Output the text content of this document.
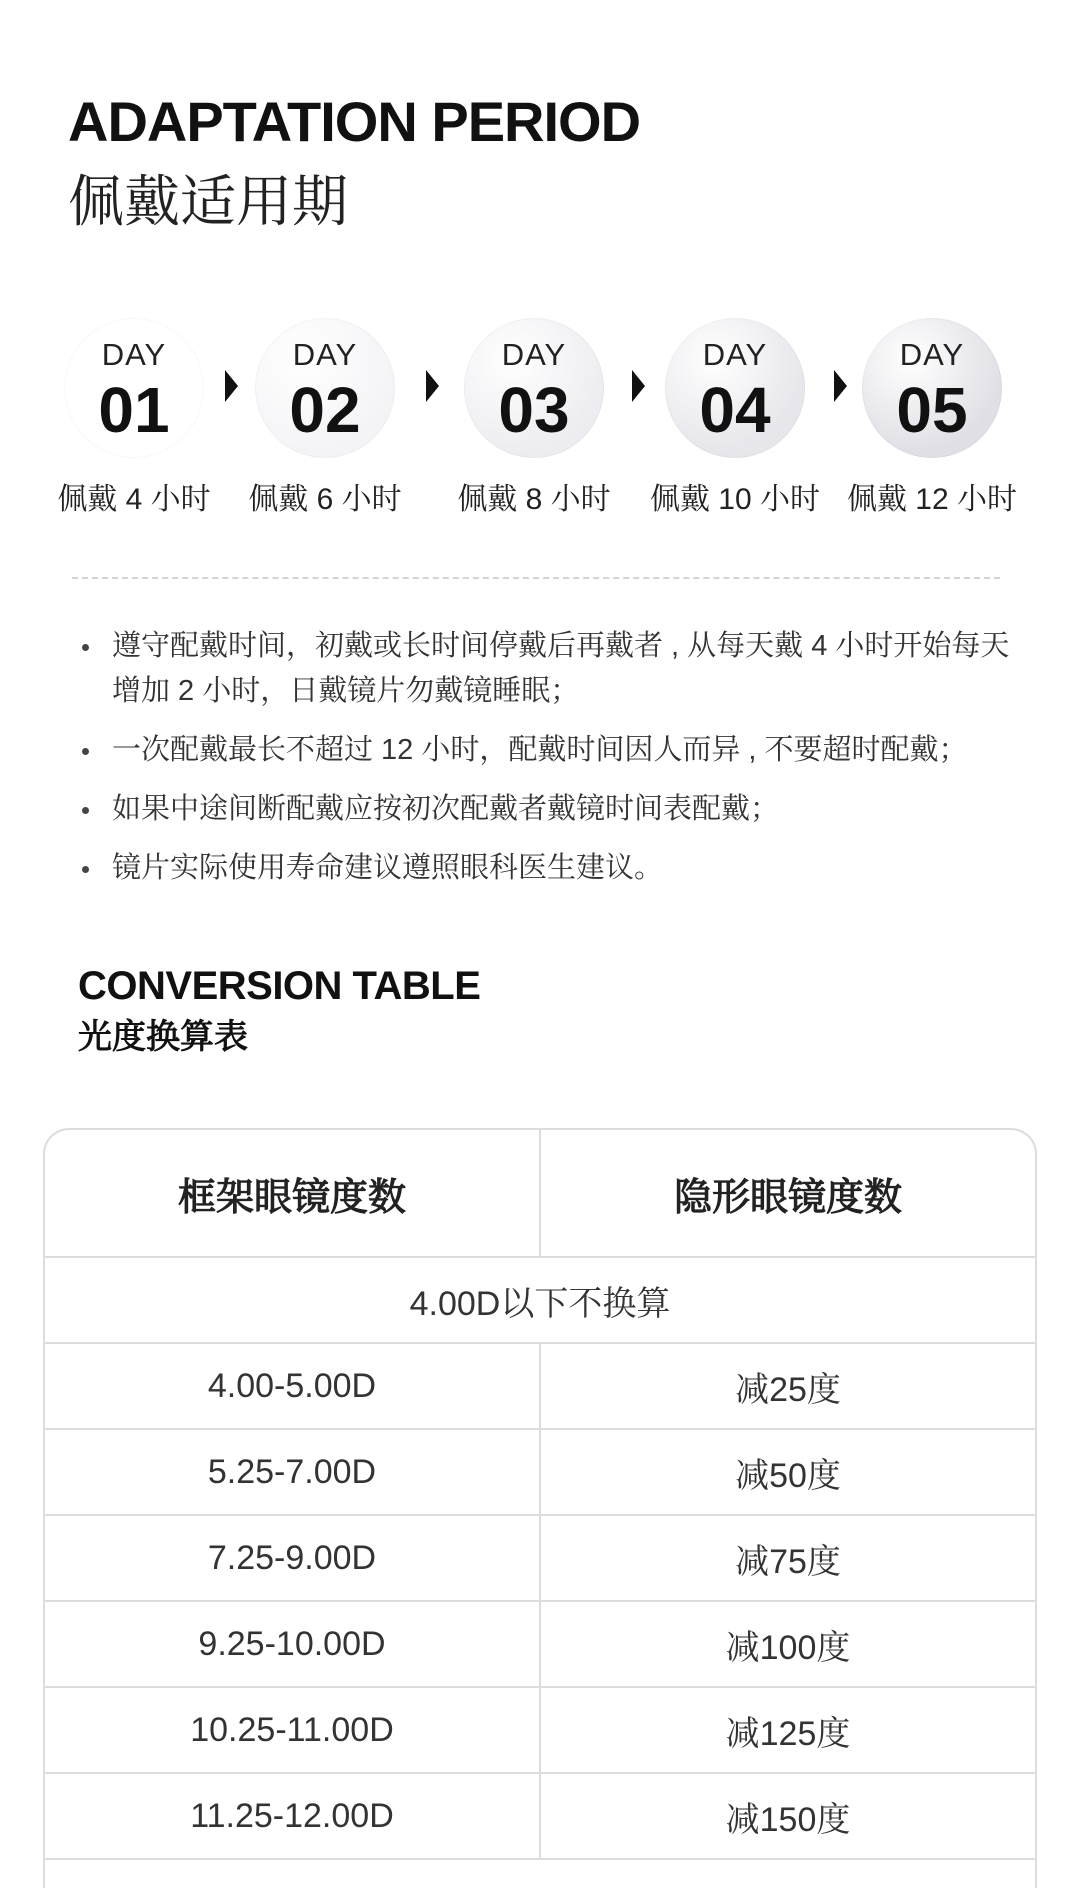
ADAPTATION PERIOD
佩戴适用期
DAY
01
佩戴 4 小时
DAY
02
佩戴 6 小时
DAY
03
佩戴 8 小时
DAY
04
佩戴 10 小时
DAY
05
佩戴 12 小时
遵守配戴时间，初戴或长时间停戴后再戴者 , 从每天戴 4 小时开始每天增加 2 小时，日戴镜片勿戴镜睡眠；
一次配戴最长不超过 12 小时，配戴时间因人而异 , 不要超时配戴；
如果中途间断配戴应按初次配戴者戴镜时间表配戴；
镜片实际使用寿命建议遵照眼科医生建议。
CONVERSION TABLE
光度换算表
框架眼镜度数	隐形眼镜度数
4.00D以下不换算
4.00-5.00D	减25度
5.25-7.00D	减50度
7.25-9.00D	减75度
9.25-10.00D	减100度
10.25-11.00D	减125度
11.25-12.00D	减150度
